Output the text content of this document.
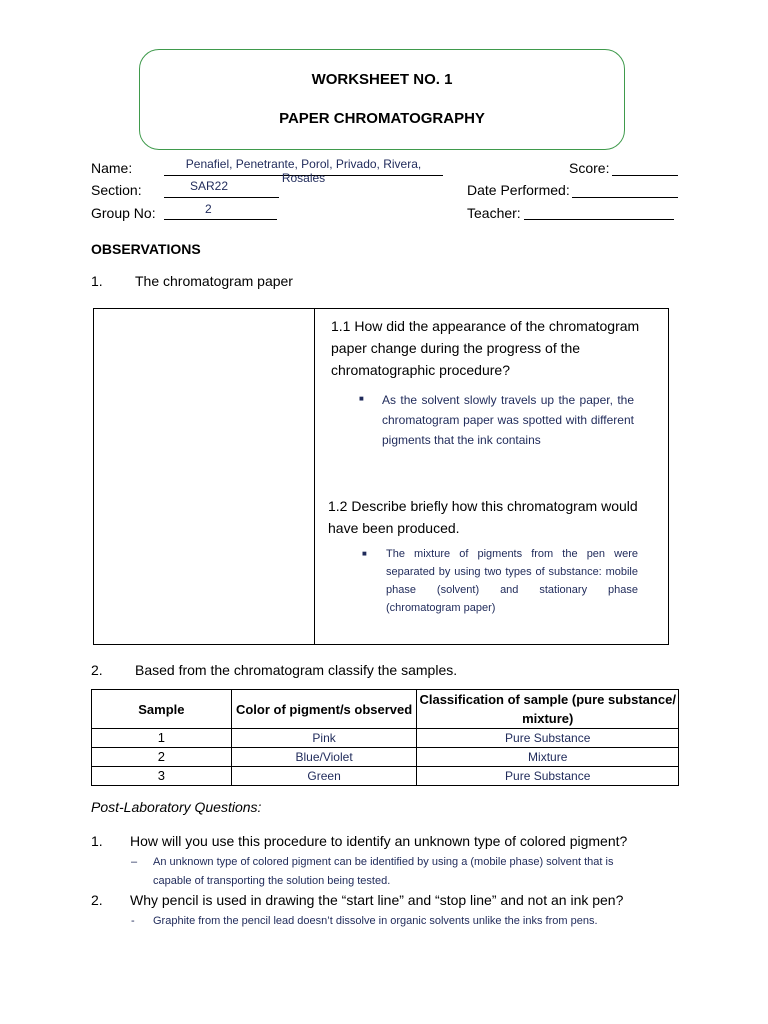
WORKSHEET NO. 1
PAPER CHROMATOGRAPHY
Name:	Penafiel, Penetrante, Porol, Privado, Rivera, Rosales
Section:	SAR22
Group No:	2
Score:
Date Performed:
Teacher:
OBSERVATIONS
1. The chromatogram paper
1.1 How did the appearance of the chromatogram paper change during the progress of the chromatographic procedure?
■ As the solvent slowly travels up the paper, the chromatogram paper was spotted with different pigments that the ink contains
1.2 Describe briefly how this chromatogram would have been produced.
■ The mixture of pigments from the pen were separated by using two types of substance: mobile phase (solvent) and stationary phase (chromatogram paper)
2. Based from the chromatogram classify the samples.
Sample	Color of pigment/s observed	Classification of sample (pure substance/ mixture)
1	Pink	Pure Substance
2	Blue/Violet	Mixture
3	Green	Pure Substance
Post-Laboratory Questions:
1. How will you use this procedure to identify an unknown type of colored pigment?
– An unknown type of colored pigment can be identified by using a (mobile phase) solvent that is capable of transporting the solution being tested.
2. Why pencil is used in drawing the “start line” and “stop line” and not an ink pen?
- Graphite from the pencil lead doesn’t dissolve in organic solvents unlike the inks from pens.
